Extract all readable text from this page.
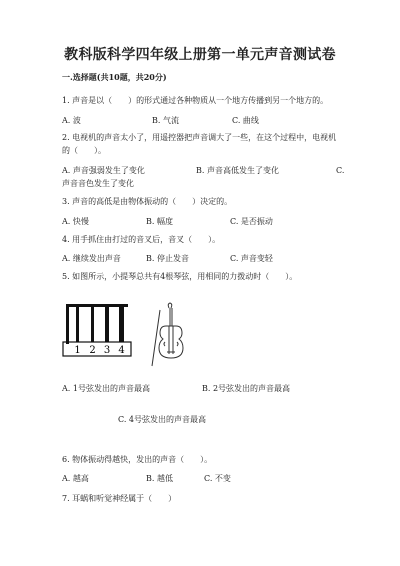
教科版科学四年级上册第一单元声音测试卷
一.选择题(共10题，共20分)
1. 声音是以（　　）的形式通过各种物质从一个地方传播到另一个地方的。
A. 波	B. 气流	C. 曲线
2. 电视机的声音太小了，用遥控器把声音调大了一些，在这个过程中，电视机
的（　　）。
A. 声音强弱发生了变化	B. 声音高低发生了变化	C.
声音音色发生了变化
3. 声音的高低是由物体振动的（　　）决定的。
A. 快慢	B. 幅度	C. 是否振动
4. 用手抓住由打过的音叉后，音叉（　　）。
A. 继续发出声音	B. 停止发音	C. 声音变轻
5. 如图所示，小提琴总共有4根琴弦，用相同的力拨动时（　　）。
1 2 3 4
A. 1号弦发出的声音最高	B. 2号弦发出的声音最高
C. 4号弦发出的声音最高
6. 物体振动得越快，发出的声音（　　）。
A. 越高	B. 越低	C. 不变
7. 耳蜗和听觉神经属于（　　）
